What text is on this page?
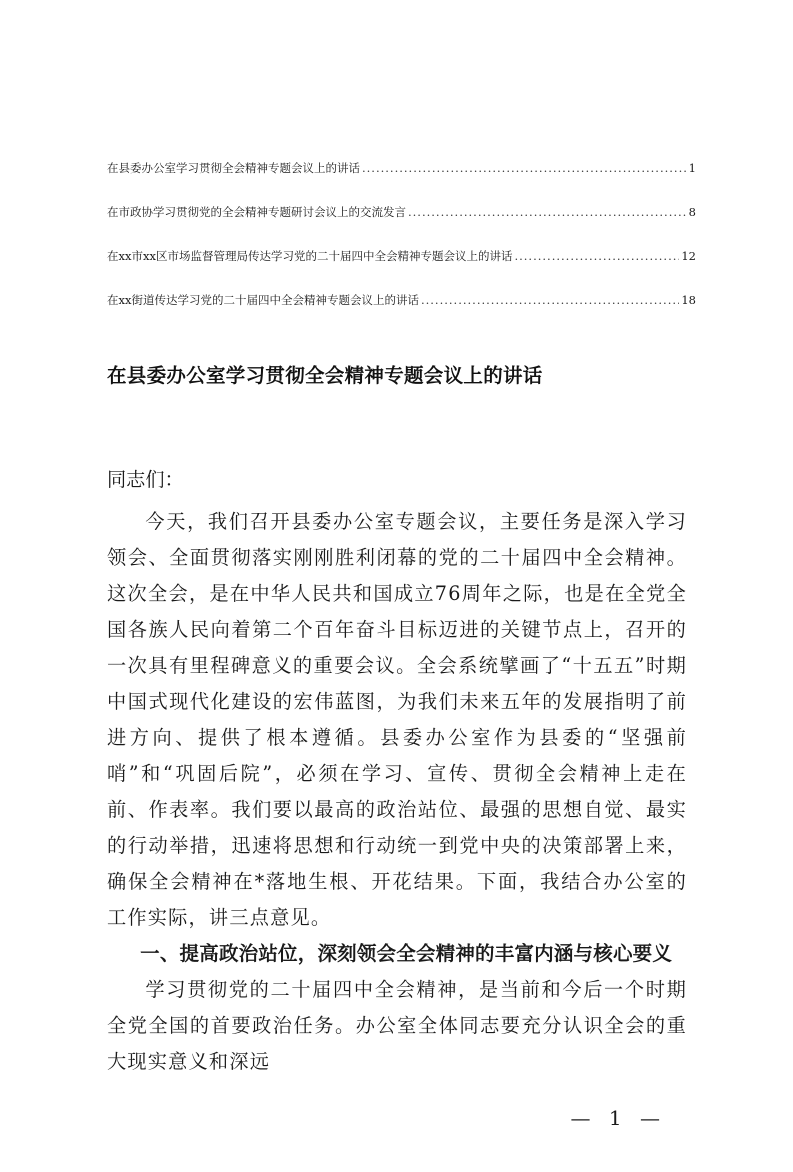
在县委办公室学习贯彻全会精神专题会议上的讲话 .....	1
在市政协学习贯彻党的全会精神专题研讨会议上的交流发言 .....	8
在xx市xx区市场监督管理局传达学习党的二十届四中全会精神专题会议上的讲话 .....	12
在xx街道传达学习党的二十届四中全会精神专题会议上的讲话 .....	18
在县委办公室学习贯彻全会精神专题会议上的讲话
同志们：
今天，我们召开县委办公室专题会议，主要任务是深入学习领会、全面贯彻落实刚刚胜利闭幕的党的二十届四中全会精神。这次全会，是在中华人民共和国成立76周年之际，也是在全党全国各族人民向着第二个百年奋斗目标迈进的关键节点上，召开的一次具有里程碑意义的重要会议。全会系统擘画了“十五五”时期中国式现代化建设的宏伟蓝图，为我们未来五年的发展指明了前进方向、提供了根本遵循。县委办公室作为县委的“坚强前哨”和“巩固后院”，必须在学习、宣传、贯彻全会精神上走在前、作表率。我们要以最高的政治站位、最强的思想自觉、最实的行动举措，迅速将思想和行动统一到党中央的决策部署上来，确保全会精神在*落地生根、开花结果。下面，我结合办公室的工作实际，讲三点意见。
一、提高政治站位，深刻领会全会精神的丰富内涵与核心要义
学习贯彻党的二十届四中全会精神，是当前和今后一个时期全党全国的首要政治任务。办公室全体同志要充分认识全会的重大现实意义和深远
— 1 —
